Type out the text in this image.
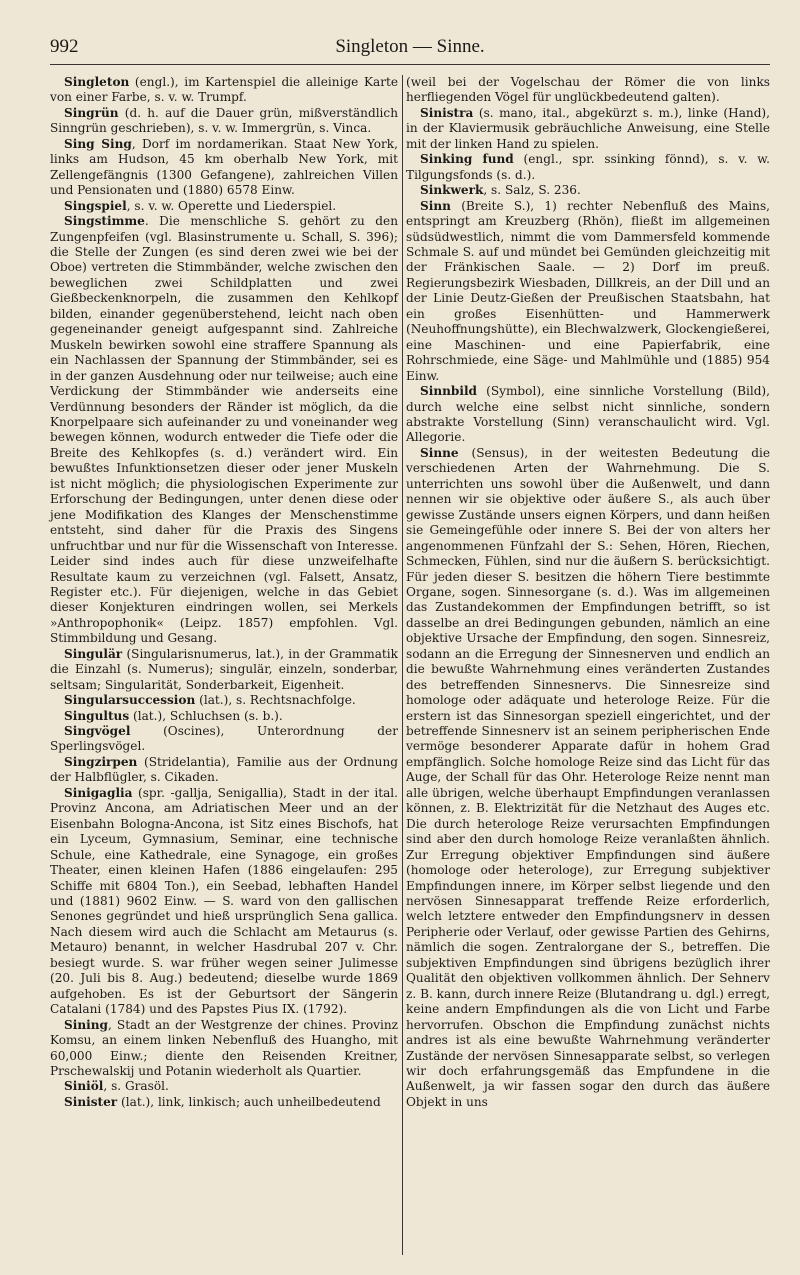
992	Singleton — Sinne.

Singleton (engl.), im Kartenspiel die alleinige Karte von einer Farbe, s. v. w. Trumpf.

Singrün (d. h. auf die Dauer grün, mißverständlich Sinngrün geschrieben), s. v. w. Immergrün, s. Vinca.

Sing Sing, Dorf im nordamerikan. Staat New York, links am Hudson, 45 km oberhalb New York, mit Zellengefängnis (1300 Gefangene), zahlreichen Villen und Pensionaten und (1880) 6578 Einw.

Singspiel, s. v. w. Operette und Liederspiel.

Singstimme. Die menschliche S. gehört zu den Zungenpfeifen (vgl. Blasinstrumente u. Schall, S. 396); die Stelle der Zungen (es sind deren zwei wie bei der Oboe) vertreten die Stimmbänder, welche zwischen den beweglichen zwei Schildplatten und zwei Gießbeckenknorpeln, die zusammen den Kehlkopf bilden, einander gegenüberstehend, leicht nach oben gegeneinander geneigt aufgespannt sind. Zahlreiche Muskeln bewirken sowohl eine straffere Spannung als ein Nachlassen der Spannung der Stimmbänder, sei es in der ganzen Ausdehnung oder nur teilweise; auch eine Verdickung der Stimmbänder wie anderseits eine Verdünnung besonders der Ränder ist möglich, da die Knorpelpaare sich aufeinander zu und voneinander weg bewegen können, wodurch entweder die Tiefe oder die Breite des Kehlkopfes (s. d.) verändert wird. Ein bewußtes Infunktionsetzen dieser oder jener Muskeln ist nicht möglich; die physiologischen Experimente zur Erforschung der Bedingungen, unter denen diese oder jene Modifikation des Klanges der Menschenstimme entsteht, sind daher für die Praxis des Singens unfruchtbar und nur für die Wissenschaft von Interesse. Leider sind indes auch für diese unzweifelhafte Resultate kaum zu verzeichnen (vgl. Falsett, Ansatz, Register etc.). Für diejenigen, welche in das Gebiet dieser Konjekturen eindringen wollen, sei Merkels »Anthropophonik« (Leipz. 1857) empfohlen. Vgl. Stimmbildung und Gesang.

Singulär (Singularisnumerus, lat.), in der Grammatik die Einzahl (s. Numerus); singulär, einzeln, sonderbar, seltsam; Singularität, Sonderbarkeit, Eigenheit.

Singularsuccession (lat.), s. Rechtsnachfolge.

Singultus (lat.), Schluchsen (s. b.).

Singvögel (Oscines), Unterordnung der Sperlingsvögel.

Singzirpen (Stridelantia), Familie aus der Ordnung der Halbflügler, s. Cikaden.

Sinigaglia (spr. -gallja, Senigallia), Stadt in der ital. Provinz Ancona, am Adriatischen Meer und an der Eisenbahn Bologna-Ancona, ist Sitz eines Bischofs, hat ein Lyceum, Gymnasium, Seminar, eine technische Schule, eine Kathedrale, eine Synagoge, ein großes Theater, einen kleinen Hafen (1886 eingelaufen: 295 Schiffe mit 6804 Ton.), ein Seebad, lebhaften Handel und (1881) 9602 Einw. — S. ward von den gallischen Senones gegründet und hieß ursprünglich Sena gallica. Nach diesem wird auch die Schlacht am Metaurus (s. Metauro) benannt, in welcher Hasdrubal 207 v. Chr. besiegt wurde. S. war früher wegen seiner Julimesse (20. Juli bis 8. Aug.) bedeutend; dieselbe wurde 1869 aufgehoben. Es ist der Geburtsort der Sängerin Catalani (1784) und des Papstes Pius IX. (1792).

Sining, Stadt an der Westgrenze der chines. Provinz Komsu, an einem linken Nebenfluß des Huangho, mit 60,000 Einw.; diente den Reisenden Kreitner, Prschewalskij und Potanin wiederholt als Quartier.

Siniöl, s. Grasöl.

Sinister (lat.), link, linkisch; auch unheilbedeutend

(weil bei der Vogelschau der Römer die von links herfliegenden Vögel für unglückbedeutend galten).

Sinistra (s. mano, ital., abgekürzt s. m.), linke (Hand), in der Klaviermusik gebräuchliche Anweisung, eine Stelle mit der linken Hand zu spielen.

Sinking fund (engl., spr. ssinking fönnd), s. v. w. Tilgungsfonds (s. d.).

Sinkwerk, s. Salz, S. 236.

Sinn (Breite S.), 1) rechter Nebenfluß des Mains, entspringt am Kreuzberg (Rhön), fließt im allgemeinen südsüdwestlich, nimmt die vom Dammersfeld kommende Schmale S. auf und mündet bei Gemünden gleichzeitig mit der Fränkischen Saale. — 2) Dorf im preuß. Regierungsbezirk Wiesbaden, Dillkreis, an der Dill und an der Linie Deutz-Gießen der Preußischen Staatsbahn, hat ein großes Eisenhütten- und Hammerwerk (Neuhoffnungshütte), ein Blechwalzwerk, Glockengießerei, eine Maschinen- und eine Papierfabrik, eine Rohrschmiede, eine Säge- und Mahlmühle und (1885) 954 Einw.

Sinnbild (Symbol), eine sinnliche Vorstellung (Bild), durch welche eine selbst nicht sinnliche, sondern abstrakte Vorstellung (Sinn) veranschaulicht wird. Vgl. Allegorie.

Sinne (Sensus), in der weitesten Bedeutung die verschiedenen Arten der Wahrnehmung. Die S. unterrichten uns sowohl über die Außenwelt, und dann nennen wir sie objektive oder äußere S., als auch über gewisse Zustände unsers eignen Körpers, und dann heißen sie Gemeingefühle oder innere S. Bei der von alters her angenommenen Fünfzahl der S.: Sehen, Hören, Riechen, Schmecken, Fühlen, sind nur die äußern S. berücksichtigt. Für jeden dieser S. besitzen die höhern Tiere bestimmte Organe, sogen. Sinnesorgane (s. d.). Was im allgemeinen das Zustandekommen der Empfindungen betrifft, so ist dasselbe an drei Bedingungen gebunden, nämlich an eine objektive Ursache der Empfindung, den sogen. Sinnesreiz, sodann an die Erregung der Sinnesnerven und endlich an die bewußte Wahrnehmung eines veränderten Zustandes des betreffenden Sinnesnervs. Die Sinnesreize sind homologe oder adäquate und heterologe Reize. Für die erstern ist das Sinnesorgan speziell eingerichtet, und der betreffende Sinnesnerv ist an seinem peripherischen Ende vermöge besonderer Apparate dafür in hohem Grad empfänglich. Solche homologe Reize sind das Licht für das Auge, der Schall für das Ohr. Heterologe Reize nennt man alle übrigen, welche überhaupt Empfindungen veranlassen können, z. B. Elektrizität für die Netzhaut des Auges etc. Die durch heterologe Reize verursachten Empfindungen sind aber den durch homologe Reize veranlaßten ähnlich. Zur Erregung objektiver Empfindungen sind äußere (homologe oder heterologe), zur Erregung subjektiver Empfindungen innere, im Körper selbst liegende und den nervösen Sinnesapparat treffende Reize erforderlich, welch letztere entweder den Empfindungsnerv in dessen Peripherie oder Verlauf, oder gewisse Partien des Gehirns, nämlich die sogen. Zentralorgane der S., betreffen. Die subjektiven Empfindungen sind übrigens bezüglich ihrer Qualität den objektiven vollkommen ähnlich. Der Sehnerv z. B. kann, durch innere Reize (Blutandrang u. dgl.) erregt, keine andern Empfindungen als die von Licht und Farbe hervorrufen. Obschon die Empfindung zunächst nichts andres ist als eine bewußte Wahrnehmung veränderter Zustände der nervösen Sinnesapparate selbst, so verlegen wir doch erfahrungsgemäß das Empfundene in die Außenwelt, ja wir fassen sogar den durch das äußere Objekt in uns
